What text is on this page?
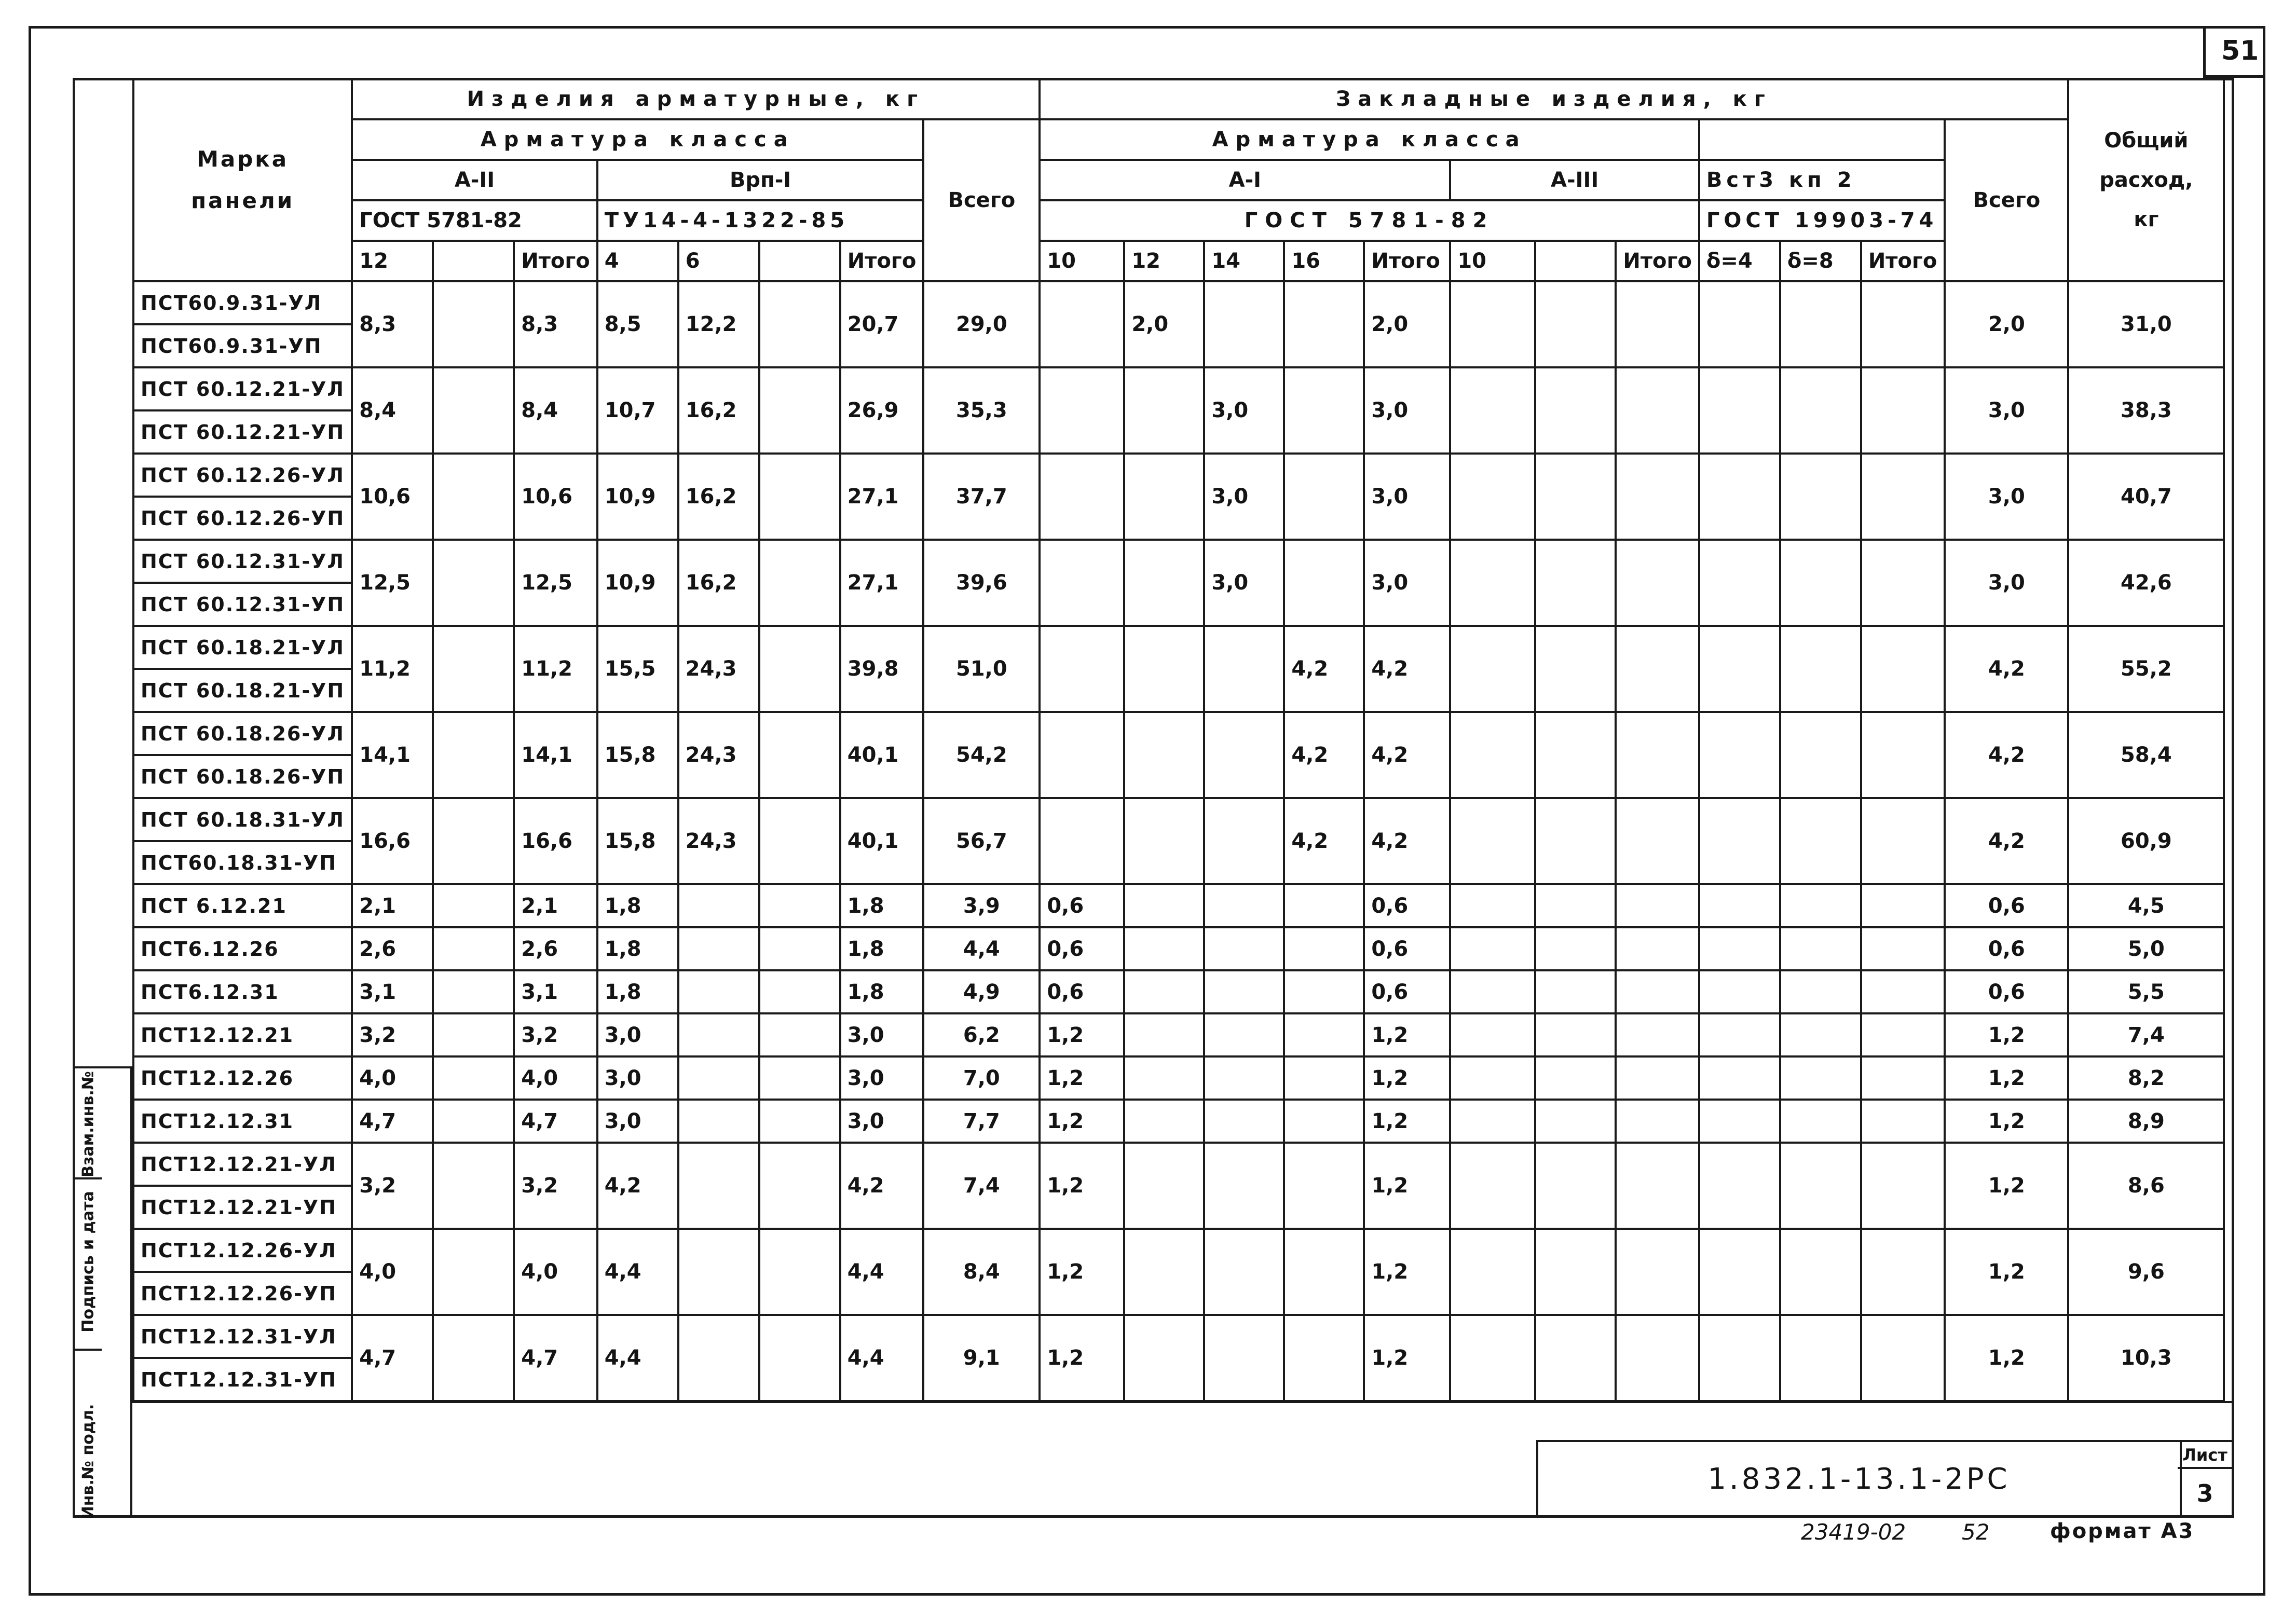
51
Марка панели	Изделия арматурные, кг								Закладные изделия, кг												Общий расход, кг
	Арматура класса							Всего	Арматура класса											Всего	
	А-II			Врп-I					А-I					А-III			Вст3 кп 2				
	ГОСТ 5781-82			ТУ14-4-1322-85					ГОСТ 5781-82								ГОСТ 19903-74				
	12		Итого	4	6		Итого		10	12	14	16	Итого	10		Итого	δ=4	δ=8	Итого		
ПСТ60.9.31-УЛ	8,3		8,3	8,5	12,2		20,7	29,0		2,0			2,0							2,0	31,0
ПСТ60.9.31-УП																					
ПСТ 60.12.21-УЛ	8,4		8,4	10,7	16,2		26,9	35,3			3,0		3,0							3,0	38,3
ПСТ 60.12.21-УП																					
ПСТ 60.12.26-УЛ	10,6		10,6	10,9	16,2		27,1	37,7			3,0		3,0							3,0	40,7
ПСТ 60.12.26-УП																					
ПСТ 60.12.31-УЛ	12,5		12,5	10,9	16,2		27,1	39,6			3,0		3,0							3,0	42,6
ПСТ 60.12.31-УП																					
ПСТ 60.18.21-УЛ	11,2		11,2	15,5	24,3		39,8	51,0				4,2	4,2							4,2	55,2
ПСТ 60.18.21-УП																					
ПСТ 60.18.26-УЛ	14,1		14,1	15,8	24,3		40,1	54,2				4,2	4,2							4,2	58,4
ПСТ 60.18.26-УП																					
ПСТ 60.18.31-УЛ	16,6		16,6	15,8	24,3		40,1	56,7				4,2	4,2							4,2	60,9
ПСТ60.18.31-УП																					
ПСТ 6.12.21	2,1		2,1	1,8			1,8	3,9	0,6				0,6							0,6	4,5
ПСТ6.12.26	2,6		2,6	1,8			1,8	4,4	0,6				0,6							0,6	5,0
ПСТ6.12.31	3,1		3,1	1,8			1,8	4,9	0,6				0,6							0,6	5,5
ПСТ12.12.21	3,2		3,2	3,0			3,0	6,2	1,2				1,2							1,2	7,4
ПСТ12.12.26	4,0		4,0	3,0			3,0	7,0	1,2				1,2							1,2	8,2
ПСТ12.12.31	4,7		4,7	3,0			3,0	7,7	1,2				1,2							1,2	8,9
ПСТ12.12.21-УЛ	3,2		3,2	4,2			4,2	7,4	1,2				1,2							1,2	8,6
ПСТ12.12.21-УП																					
ПСТ12.12.26-УЛ	4,0		4,0	4,4			4,4	8,4	1,2				1,2							1,2	9,6
ПСТ12.12.26-УП																					
ПСТ12.12.31-УЛ	4,7		4,7	4,4			4,4	9,1	1,2				1,2							1,2	10,3
ПСТ12.12.31-УП																					
Инв.№ подл.
Подпись и дата
Взам.инв.№
1.832.1-13.1-2РС
Лист
3
23419-02	52	формат А3
